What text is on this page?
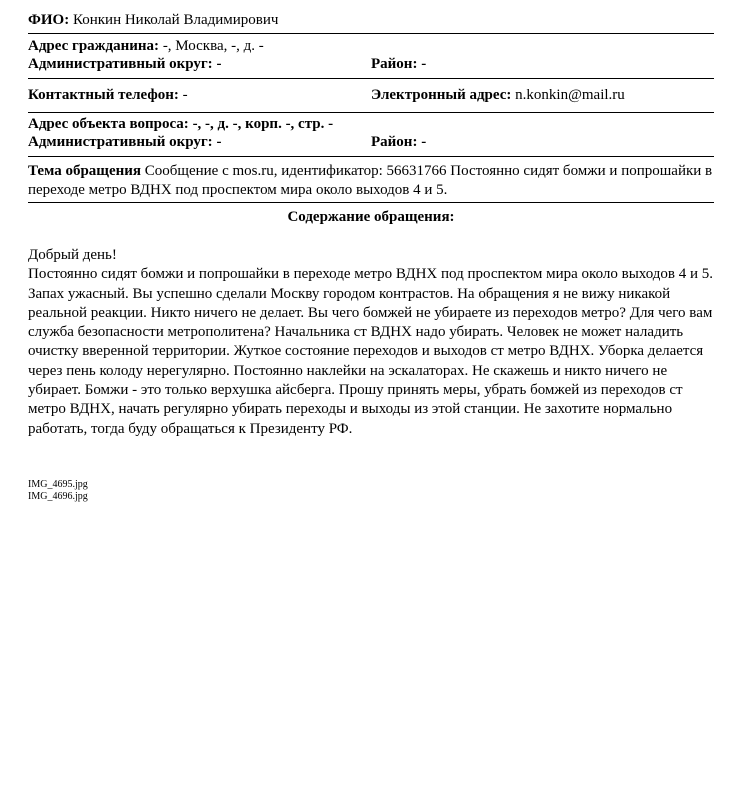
ФИО: Конкин Николай Владимирович
Адрес гражданина: -, Москва, -, д. -
Административный округ: -	Район: -
Контактный телефон: -	Электронный адрес: n.konkin@mail.ru
Адрес объекта вопроса: -, -, д. -, корп. -, стр. -
Административный округ: -	Район: -
Тема обращения Сообщение с mos.ru, идентификатор: 56631766 Постоянно сидят бомжи и попрошайки в переходе метро ВДНХ под проспектом мира около выходов 4 и 5.
Содержание обращения:
Добрый день!
Постоянно сидят бомжи и попрошайки в переходе метро ВДНХ под проспектом мира около выходов 4 и 5. Запах ужасный. Вы успешно сделали Москву городом контрастов. На обращения я не вижу никакой реальной реакции. Никто ничего не делает. Вы чего бомжей не убираете из переходов метро? Для чего вам служба безопасности метрополитена? Начальника ст ВДНХ надо убирать. Человек не может наладить очистку вверенной территории. Жуткое состояние переходов и выходов ст метро ВДНХ. Уборка делается через пень колоду нерегулярно. Постоянно наклейки на эскалаторах. Не скажешь и никто ничего не убирает. Бомжи - это только верхушка айсберга. Прошу принять меры, убрать бомжей из переходов ст метро ВДНХ, начать регулярно убирать переходы и выходы из этой станции. Не захотите нормально работать, тогда буду обращаться к Президенту РФ.
IMG_4695.jpg
IMG_4696.jpg
